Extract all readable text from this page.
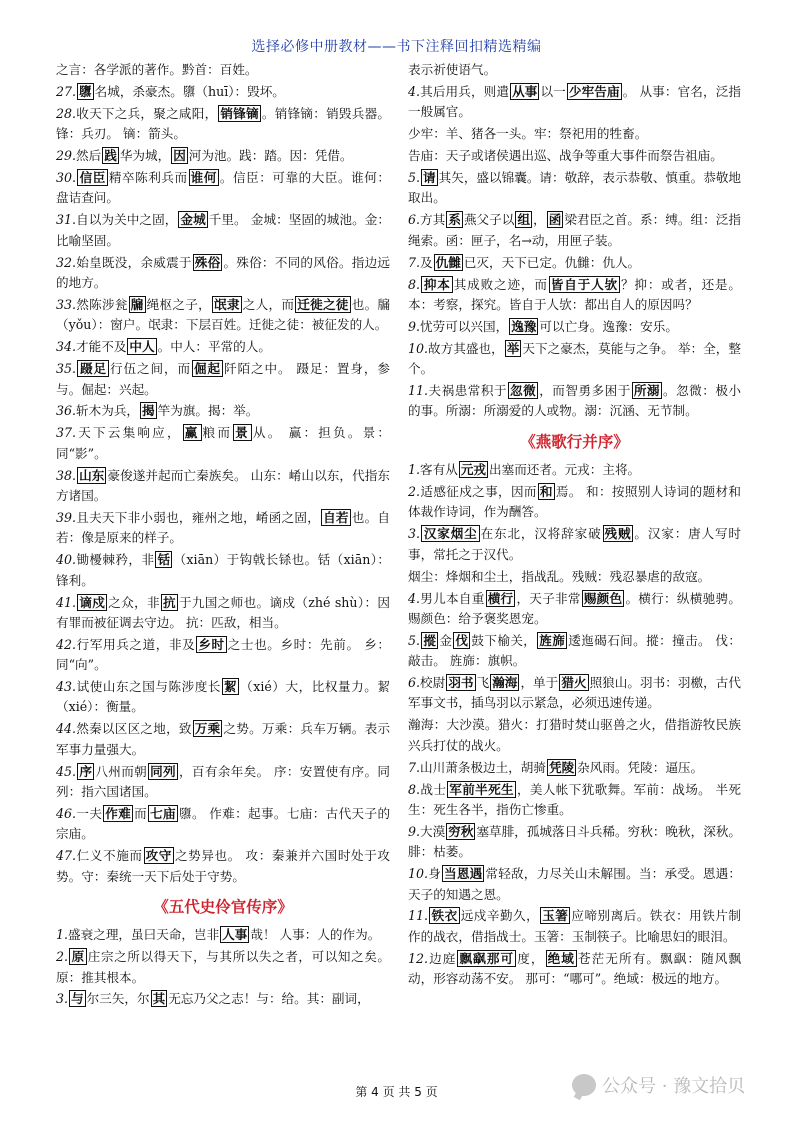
选择必修中册教材——书下注释回扣精选精编
之言：各学派的著作。黔首：百姓。
27. 隳 名城，杀豪杰。隳（huī）：毁坏。
28.收天下之兵，聚之咸阳， 销锋镝 。销锋镝：销毁兵器。 锋：兵刃。 镝：箭头。
29.然后 践 华为城， 因 河为池。践：踏。因：凭借。
30. 信臣 精卒陈利兵而 谁何 。信臣：可靠的大臣。谁何：盘诘查问。
31.自以为关中之固， 金城 千里。 金城：坚固的城池。金：比喻坚固。
32.始皇既没，余威震于 殊俗 。殊俗：不同的风俗。指边远的地方。
33.然陈涉瓮 牖 绳枢之子， 氓隶 之人，而 迁徙之徒 也。牖（yǒu）：窗户。氓隶：下层百姓。迁徙之徒：被征发的人。
34.才能不及 中人 。中人：平常的人。
35. 蹑足 行伍之间，而 倔起 阡陌之中。 蹑足：置身，参与。倔起：兴起。
36.斩木为兵， 揭 竿为旗。揭：举。
37.天下云集响应， 赢 粮而 景 从。 赢：担负。景：同“影”。
38. 山东 豪俊遂并起而亡秦族矣。 山东：崤山以东，代指东方诸国。
39.且夫天下非小弱也，雍州之地，崤函之固， 自若 也。自若：像是原来的样子。
40.锄櫌棘矜，非 铦 （xiān）于钩戟长铩也。铦（xiān）： 锋利。
41. 谪戍 之众，非 抗 于九国之师也。谪戍（zhé shù）：因有罪而被征调去守边。 抗：匹敌，相当。
42.行军用兵之道，非及 乡时 之士也。乡时：先前。 乡：同“向”。
43.试使山东之国与陈涉度长 絜 （xié）大，比权量力。絜（xié）：衡量。
44.然秦以区区之地，致 万乘 之势。万乘：兵车万辆。表示军事力量强大。
45. 序 八州而朝 同列 ，百有余年矣。 序：安置使有序。同列：指六国诸国。
46.一夫 作难 而 七庙 隳。 作难：起事。七庙：古代天子的宗庙。
47.仁义不施而 攻守 之势异也。 攻：秦兼并六国时处于攻势。守：秦统一天下后处于守势。
《五代史伶官传序》
1.盛衰之理，虽曰天命，岂非 人事 哉！ 人事：人的作为。
2. 原 庄宗之所以得天下，与其所以失之者，可以知之矣。原：推其根本。
3. 与 尔三矢，尔 其 无忘乃父之志！与：给。其：副词，
表示祈使语气。
4.其后用兵，则遣 从事 以一 少牢告庙 。 从事：官名，泛指一般属官。
少牢：羊、猪各一头。牢：祭祀用的牲畜。
告庙：天子或诸侯遇出巡、战争等重大事件而祭告祖庙。
5. 请 其矢，盛以锦囊。请：敬辞，表示恭敬、慎重。恭敬地取出。
6.方其 系 燕父子以 组 ， 函 梁君臣之首。系：缚。组：泛指绳索。函：匣子，名→动，用匣子装。
7.及 仇雠 已灭，天下已定。仇雠：仇人。
8. 抑本 其成败之迹，而 皆自于人欤 ？抑：或者，还是。本：考察，探究。皆自于人欤：都出自人的原因吗？
9.忧劳可以兴国， 逸豫 可以亡身。逸豫：安乐。
10.故方其盛也， 举 天下之豪杰，莫能与之争。 举：全，整个。
11.夫祸患常积于 忽微 ，而智勇多困于 所溺 。忽微：极小的事。所溺：所溺爱的人或物。溺：沉涵、无节制。
《燕歌行并序》
1.客有从 元戎 出塞而还者。元戎：主将。
2.适感征戍之事，因而 和 焉。 和：按照别人诗词的题材和体裁作诗词，作为酬答。
3. 汉家烟尘 在东北，汉将辞家破 残贼 。汉家：唐人写时事，常托之于汉代。
烟尘：烽烟和尘土，指战乱。残贼：残忍暴虐的敌寇。
4.男儿本自重 横行 ，天子非常 赐颜色 。横行：纵横驰骋。赐颜色：给予褒奖恩宠。
5. 摐 金 伐 鼓下榆关， 旌旆 逶迤碣石间。摐：撞击。 伐：敲击。 旌旆：旗帜。
6.校尉 羽书 飞 瀚海 ，单于 猎火 照狼山。羽书：羽檄，古代军事文书，插鸟羽以示紧急，必须迅速传递。
瀚海：大沙漠。猎火：打猎时焚山驱兽之火，借指游牧民族兴兵打仗的战火。
7.山川萧条极边土，胡骑 凭陵 杂风雨。凭陵：逼压。
8.战士 军前半死生 ，美人帐下犹歌舞。军前：战场。 半死生：死生各半，指伤亡惨重。
9.大漠 穷秋 塞草腓，孤城落日斗兵稀。穷秋：晚秋，深秋。腓：枯萎。
10.身 当恩遇 常轻敌，力尽关山未解围。当：承受。恩遇：天子的知遇之恩。
11. 铁衣 远戍辛勤久， 玉箸 应啼别离后。铁衣：用铁片制作的战衣，借指战士。玉箸：玉制筷子。比喻思妇的眼泪。
12.边庭 飘飖那可 度， 绝域 苍茫无所有。飘飖：随风飘动，形容动荡不安。 那可：“哪可”。绝域：极远的地方。
第 4 页 共 5 页	公众号 · 豫文拾贝
